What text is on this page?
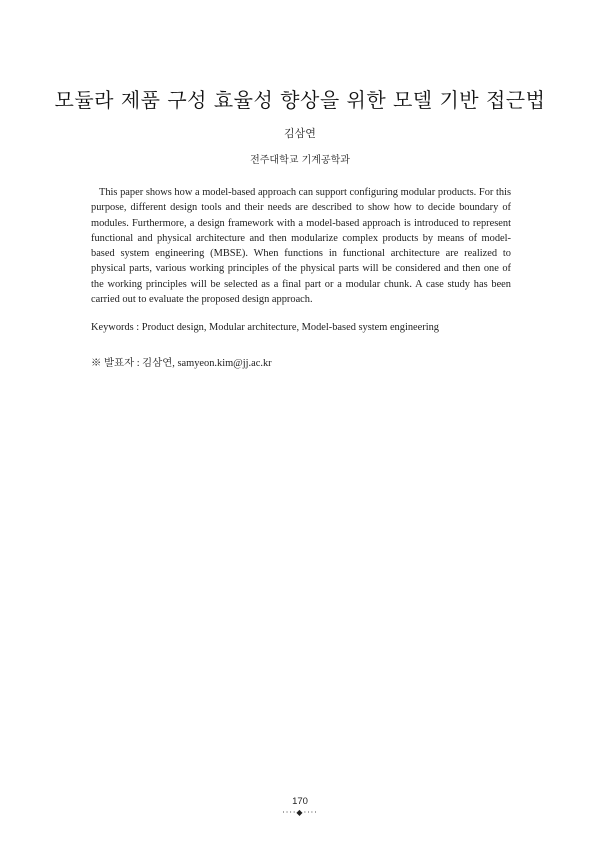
모듈라 제품 구성 효율성 향상을 위한 모델 기반 접근법
김삼연
전주대학교 기계공학과

This paper shows how a model-based approach can support configuring modular products. For this purpose, different design tools and their needs are described to show how to decide boundary of modules. Furthermore, a design framework with a model-based approach is introduced to represent functional and physical architecture and then modularize complex products by means of model-based system engineering (MBSE). When functions in functional architecture are realized to physical parts, various working principles of the physical parts will be considered and then one of the working principles will be selected as a final part or a modular chunk. A case study has been carried out to evaluate the proposed design approach.

Keywords : Product design, Modular architecture, Model-based system engineering
※ 발표자 : 김삼연, samyeon.kim@jj.ac.kr
170
····◆····
